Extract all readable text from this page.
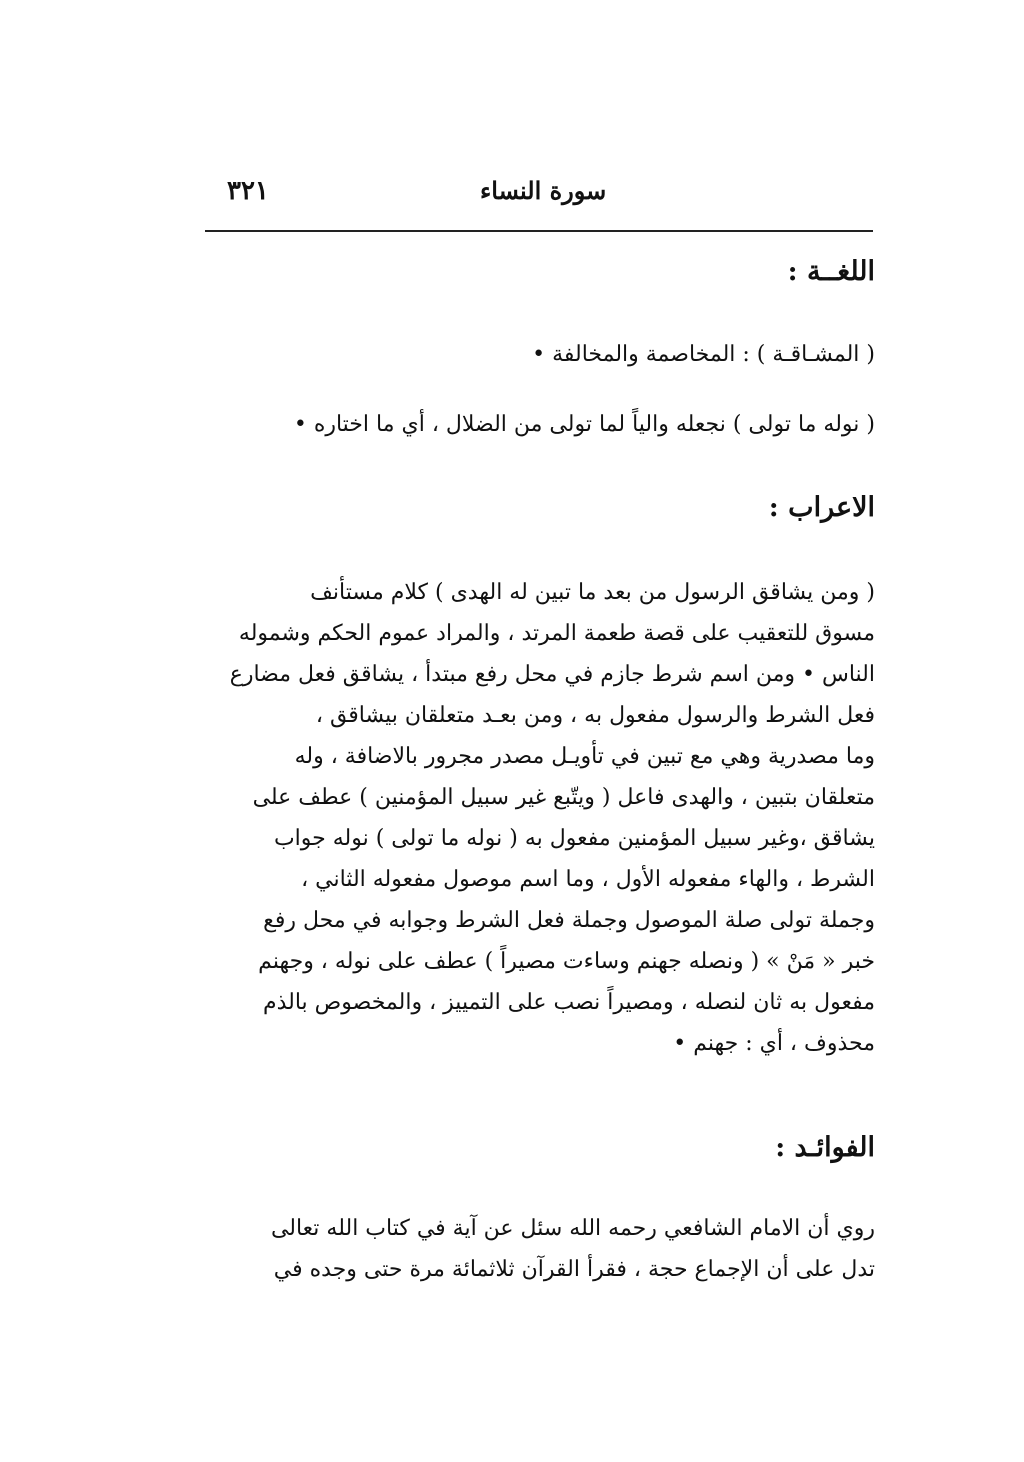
٣٢١	سورة النساء
اللغــة :
( المشـاقـة ) : المخاصمة والمخالفة •
( نوله ما تولى ) نجعله والياً لما تولى من الضلال ، أي ما اختاره •
الاعراب :
( ومن يشاقق الرسول من بعد ما تبين له الهدى ) كلام مستأنف
مسوق للتعقيب على قصة طعمة المرتد ، والمراد عموم الحكم وشموله
الناس • ومن اسم شرط جازم في محل رفع مبتدأ ، يشاقق فعل مضارع
فعل الشرط والرسول مفعول به ، ومن بعـد متعلقان بيشاقق ،
وما مصدرية وهي مع تبين في تأويـل مصدر مجرور بالاضافة ، وله
متعلقان بتبين ، والهدى فاعل ( ويتّبع غير سبيل المؤمنين ) عطف على
يشاقق ،وغير سبيل المؤمنين مفعول به ( نوله ما تولى ) نوله جواب
الشرط ، والهاء مفعوله الأول ، وما اسم موصول مفعوله الثاني ،
وجملة تولى صلة الموصول وجملة فعل الشرط وجوابه في محل رفع
خبر « مَنْ » ( ونصله جهنم وساءت مصيراً ) عطف على نوله ، وجهنم
مفعول به ثان لنصله ، ومصيراً نصب على التمييز ، والمخصوص بالذم
محذوف ، أي : جهنم •
الفوائـد :
روي أن الامام الشافعي رحمه الله سئل عن آية في كتاب الله تعالى
تدل على أن الإجماع حجة ، فقرأ القرآن ثلاثمائة مرة حتى وجده في
